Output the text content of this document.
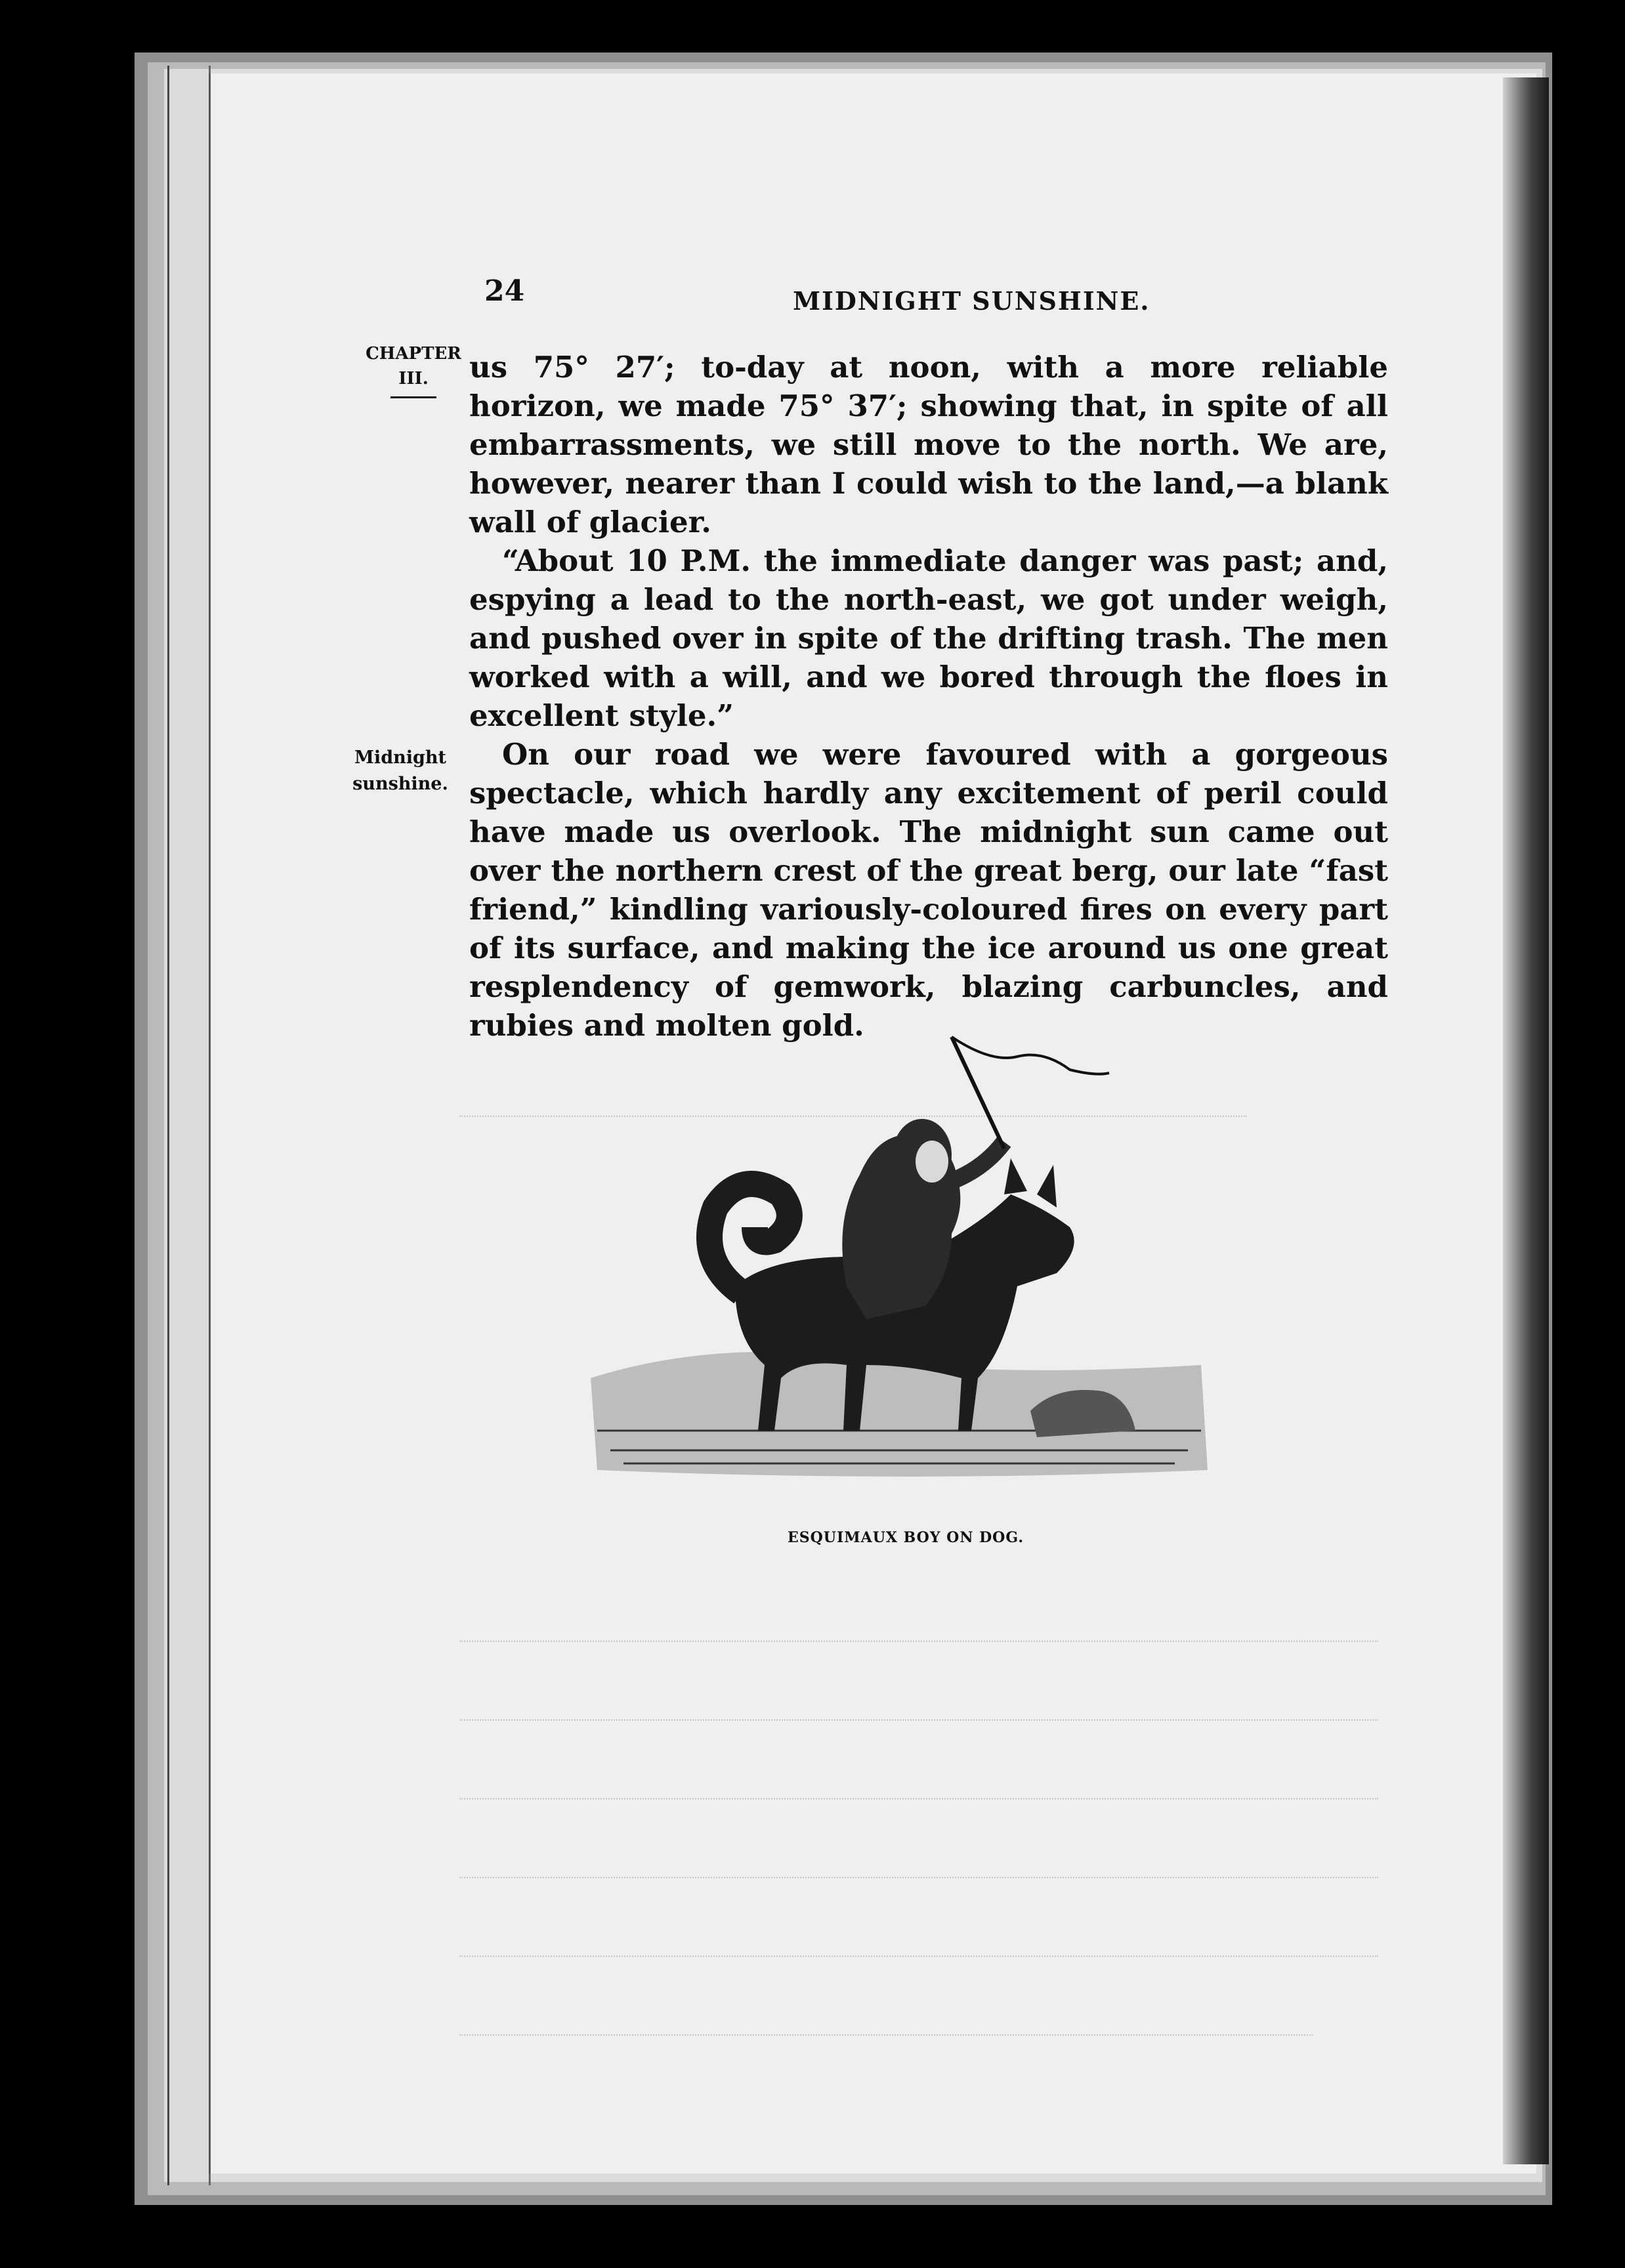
24	MIDNIGHT SUNSHINE.
CHAPTER
III.
Midnight
sunshine.

us 75° 27′; to-day at noon, with a more reliable horizon, we made 75° 37′; showing that, in spite of all embarrassments, we still move to the north. We are, however, nearer than I could wish to the land,—a blank wall of glacier.

“About 10 P.M. the immediate danger was past; and, espying a lead to the north-east, we got under weigh, and pushed over in spite of the drifting trash. The men worked with a will, and we bored through the floes in excellent style.”

On our road we were favoured with a gorgeous spectacle, which hardly any excitement of peril could have made us overlook. The midnight sun came out over the northern crest of the great berg, our late “fast friend,” kindling variously-coloured fires on every part of its surface, and making the ice around us one great resplendency of gemwork, blazing carbuncles, and rubies and molten gold.

ESQUIMAUX BOY ON DOG.
